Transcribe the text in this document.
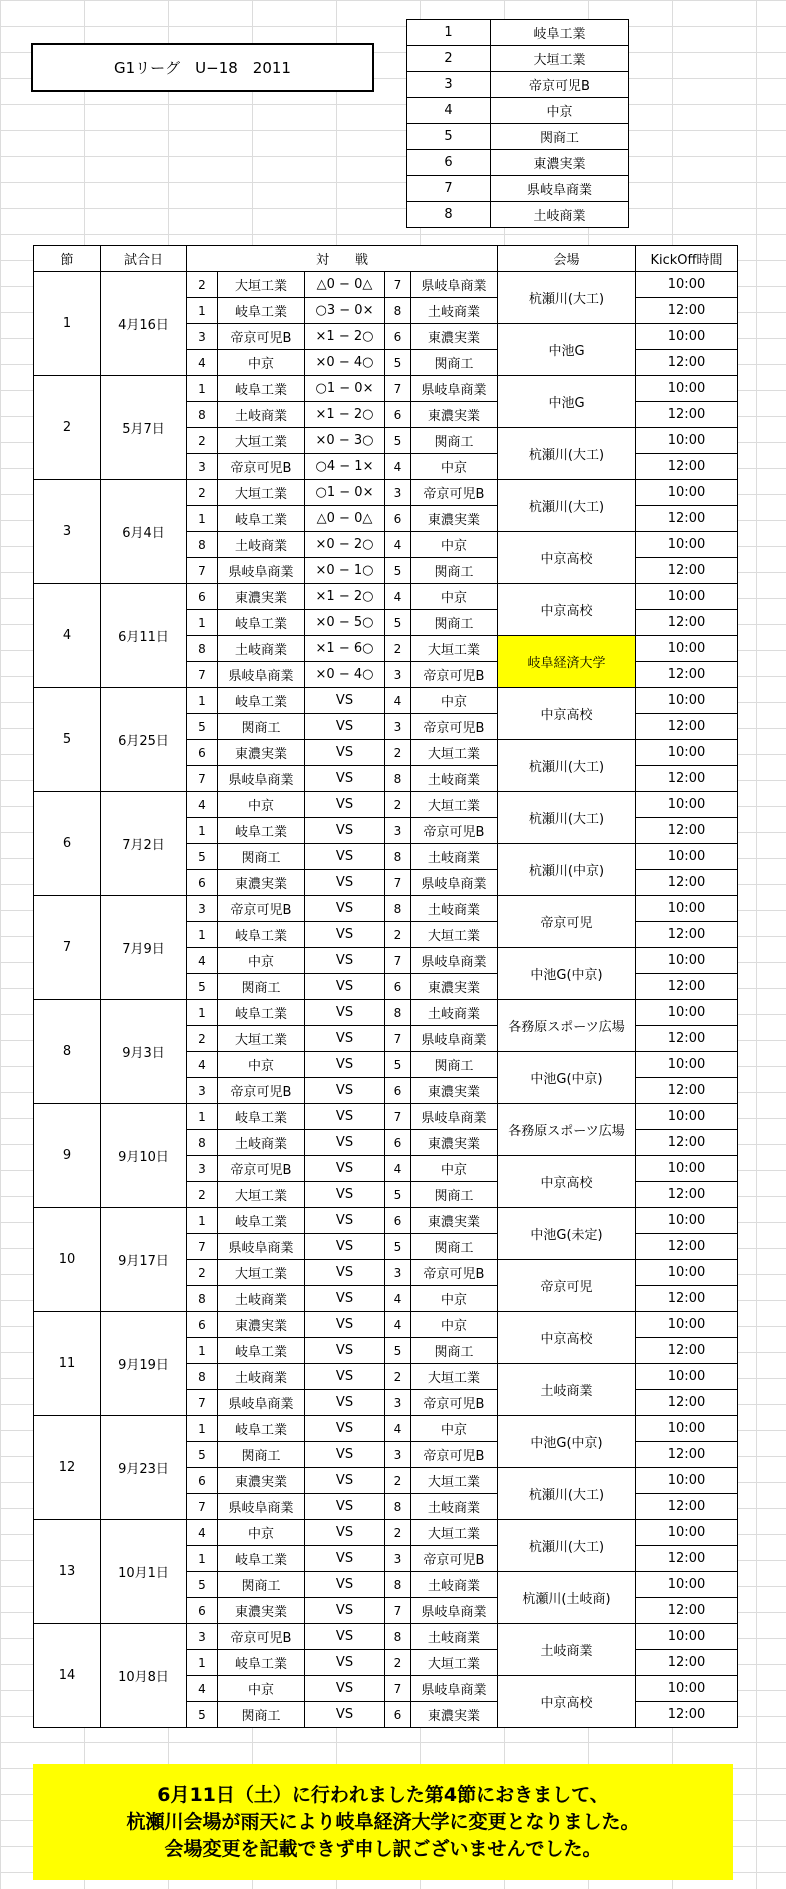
G1リーグ　U−18　2011
1	岐阜工業
2	大垣工業
3	帝京可児B
4	中京
5	関商工
6	東濃実業
7	県岐阜商業
8	土岐商業
節	試合日	対　　戦					会場	KickOff時間
1	4月16日	2	大垣工業	△0 − 0△	7	県岐阜商業	杭瀬川(大工)	10:00
		1	岐阜工業	○3 − 0×	8	土岐商業		12:00
		3	帝京可児B	×1 − 2○	6	東濃実業	中池G	10:00
		4	中京	×0 − 4○	5	関商工		12:00
2	5月7日	1	岐阜工業	○1 − 0×	7	県岐阜商業	中池G	10:00
		8	土岐商業	×1 − 2○	6	東濃実業		12:00
		2	大垣工業	×0 − 3○	5	関商工	杭瀬川(大工)	10:00
		3	帝京可児B	○4 − 1×	4	中京		12:00
3	6月4日	2	大垣工業	○1 − 0×	3	帝京可児B	杭瀬川(大工)	10:00
		1	岐阜工業	△0 − 0△	6	東濃実業		12:00
		8	土岐商業	×0 − 2○	4	中京	中京高校	10:00
		7	県岐阜商業	×0 − 1○	5	関商工		12:00
4	6月11日	6	東濃実業	×1 − 2○	4	中京	中京高校	10:00
		1	岐阜工業	×0 − 5○	5	関商工		12:00
		8	土岐商業	×1 − 6○	2	大垣工業	岐阜経済大学	10:00
		7	県岐阜商業	×0 − 4○	3	帝京可児B		12:00
5	6月25日	1	岐阜工業	VS	4	中京	中京高校	10:00
		5	関商工	VS	3	帝京可児B		12:00
		6	東濃実業	VS	2	大垣工業	杭瀬川(大工)	10:00
		7	県岐阜商業	VS	8	土岐商業		12:00
6	7月2日	4	中京	VS	2	大垣工業	杭瀬川(大工)	10:00
		1	岐阜工業	VS	3	帝京可児B		12:00
		5	関商工	VS	8	土岐商業	杭瀬川(中京)	10:00
		6	東濃実業	VS	7	県岐阜商業		12:00
7	7月9日	3	帝京可児B	VS	8	土岐商業	帝京可児	10:00
		1	岐阜工業	VS	2	大垣工業		12:00
		4	中京	VS	7	県岐阜商業	中池G(中京)	10:00
		5	関商工	VS	6	東濃実業		12:00
8	9月3日	1	岐阜工業	VS	8	土岐商業	各務原スポーツ広場	10:00
		2	大垣工業	VS	7	県岐阜商業		12:00
		4	中京	VS	5	関商工	中池G(中京)	10:00
		3	帝京可児B	VS	6	東濃実業		12:00
9	9月10日	1	岐阜工業	VS	7	県岐阜商業	各務原スポーツ広場	10:00
		8	土岐商業	VS	6	東濃実業		12:00
		3	帝京可児B	VS	4	中京	中京高校	10:00
		2	大垣工業	VS	5	関商工		12:00
10	9月17日	1	岐阜工業	VS	6	東濃実業	中池G(未定)	10:00
		7	県岐阜商業	VS	5	関商工		12:00
		2	大垣工業	VS	3	帝京可児B	帝京可児	10:00
		8	土岐商業	VS	4	中京		12:00
11	9月19日	6	東濃実業	VS	4	中京	中京高校	10:00
		1	岐阜工業	VS	5	関商工		12:00
		8	土岐商業	VS	2	大垣工業	土岐商業	10:00
		7	県岐阜商業	VS	3	帝京可児B		12:00
12	9月23日	1	岐阜工業	VS	4	中京	中池G(中京)	10:00
		5	関商工	VS	3	帝京可児B		12:00
		6	東濃実業	VS	2	大垣工業	杭瀬川(大工)	10:00
		7	県岐阜商業	VS	8	土岐商業		12:00
13	10月1日	4	中京	VS	2	大垣工業	杭瀬川(大工)	10:00
		1	岐阜工業	VS	3	帝京可児B		12:00
		5	関商工	VS	8	土岐商業	杭瀬川(土岐商)	10:00
		6	東濃実業	VS	7	県岐阜商業		12:00
14	10月8日	3	帝京可児B	VS	8	土岐商業	土岐商業	10:00
		1	岐阜工業	VS	2	大垣工業		12:00
		4	中京	VS	7	県岐阜商業	中京高校	10:00
		5	関商工	VS	6	東濃実業		12:00
6月11日（土）に行われました第4節におきまして、
杭瀬川会場が雨天により岐阜経済大学に変更となりました。
会場変更を記載できず申し訳ございませんでした。
